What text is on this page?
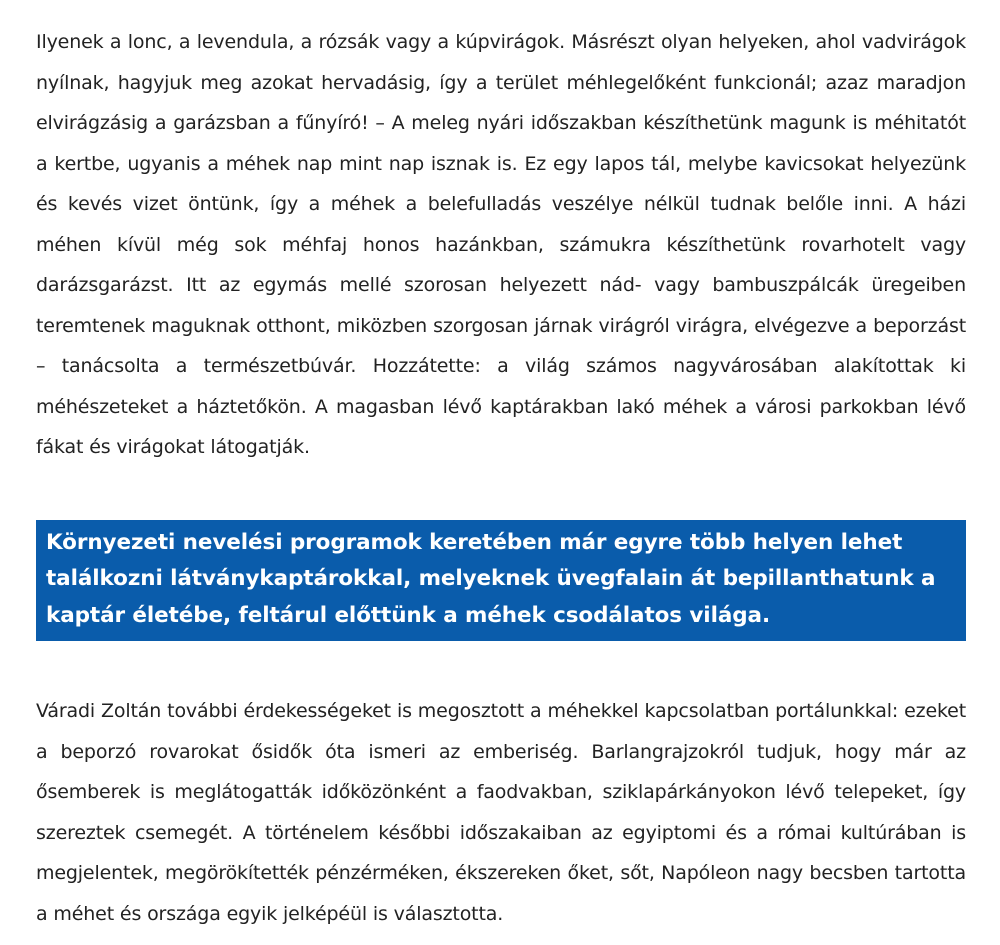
Ilyenek a lonc, a levendula, a rózsák vagy a kúpvirágok. Másrészt olyan helyeken, ahol vadvirágok nyílnak, hagyjuk meg azokat hervadásig, így a terület méhlegelőként funkcionál; azaz maradjon elvirágzásig a garázsban a fűnyíró! – A meleg nyári időszakban készíthetünk magunk is méhitatót a kertbe, ugyanis a méhek nap mint nap isznak is. Ez egy lapos tál, melybe kavicsokat helyezünk és kevés vizet öntünk, így a méhek a belefulladás veszélye nélkül tudnak belőle inni. A házi méhen kívül még sok méhfaj honos hazánkban, számukra készíthetünk rovarhotelt vagy darázsgarázst. Itt az egymás mellé szorosan helyezett nád- vagy bambuszpálcák üregeiben teremtenek maguknak otthont, miközben szorgosan járnak virágról virágra, elvégezve a beporzást – tanácsolta a természetbúvár. Hozzátette: a világ számos nagyvárosában alakítottak ki méhészeteket a háztetőkön. A magasban lévő kaptárakban lakó méhek a városi parkokban lévő fákat és virágokat látogatják.

Környezeti nevelési programok keretében már egyre több helyen lehet találkozni látványkaptárokkal, melyeknek üvegfalain át bepillanthatunk a kaptár életébe, feltárul előttünk a méhek csodálatos világa.

Váradi Zoltán további érdekességeket is megosztott a méhekkel kapcsolatban portálunkkal: ezeket a beporzó rovarokat ősidők óta ismeri az emberiség. Barlangrajzokról tudjuk, hogy már az ősemberek is meglátogatták időközönként a faodvakban, sziklapárkányokon lévő telepeket, így szereztek csemegét. A történelem későbbi időszakaiban az egyiptomi és a római kultúrában is megjelentek, megörökítették pénzérméken, ékszereken őket, sőt, Napóleon nagy becsben tartotta a méhet és országa egyik jelképéül is választotta.
